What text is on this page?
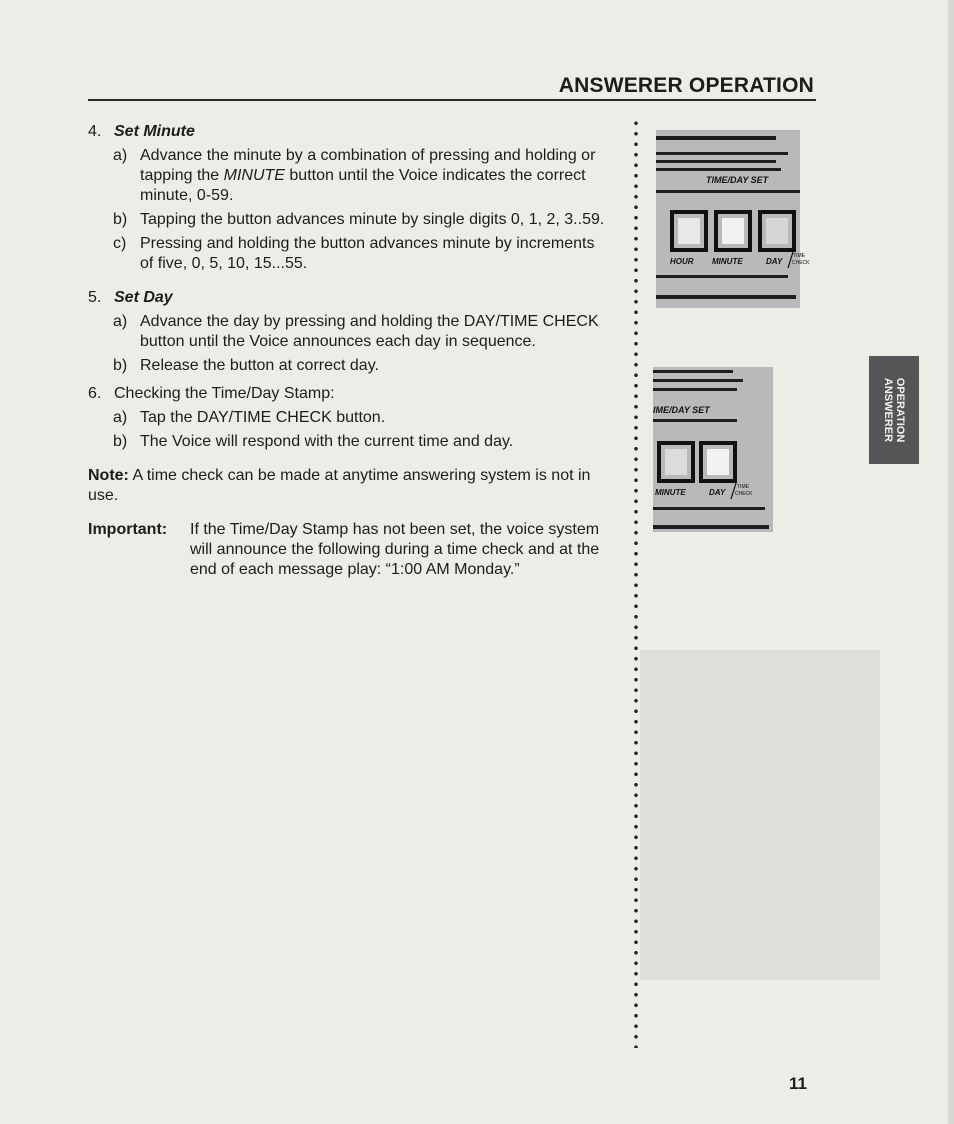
ANSWERER OPERATION
4. Set Minute
a) Advance the minute by a combination of pressing and holding or tapping the MINUTE button until the Voice indicates the correct minute, 0-59.
b) Tapping the button advances minute by single digits 0, 1, 2, 3..59.
c) Pressing and holding the button advances minute by increments of five, 0, 5, 10, 15...55.
5. Set Day
a) Advance the day by pressing and holding the DAY/TIME CHECK button until the Voice announces each day in sequence.
b) Release the button at correct day.
6. Checking the Time/Day Stamp:
a) Tap the DAY/TIME CHECK button.
b) The Voice will respond with the current time and day.
Note: A time check can be made at anytime answering system is not in use.
Important:	If the Time/Day Stamp has not been set, the voice system will announce the following during a time check and at the end of each message play: “1:00 AM Monday.”
TIME/DAY SET
HOUR MINUTE	DAY
TIME
CHECK
IME/DAY SET
MINUTE	DAY
TIME
CHECK
ANSWERER OPERATION
11
